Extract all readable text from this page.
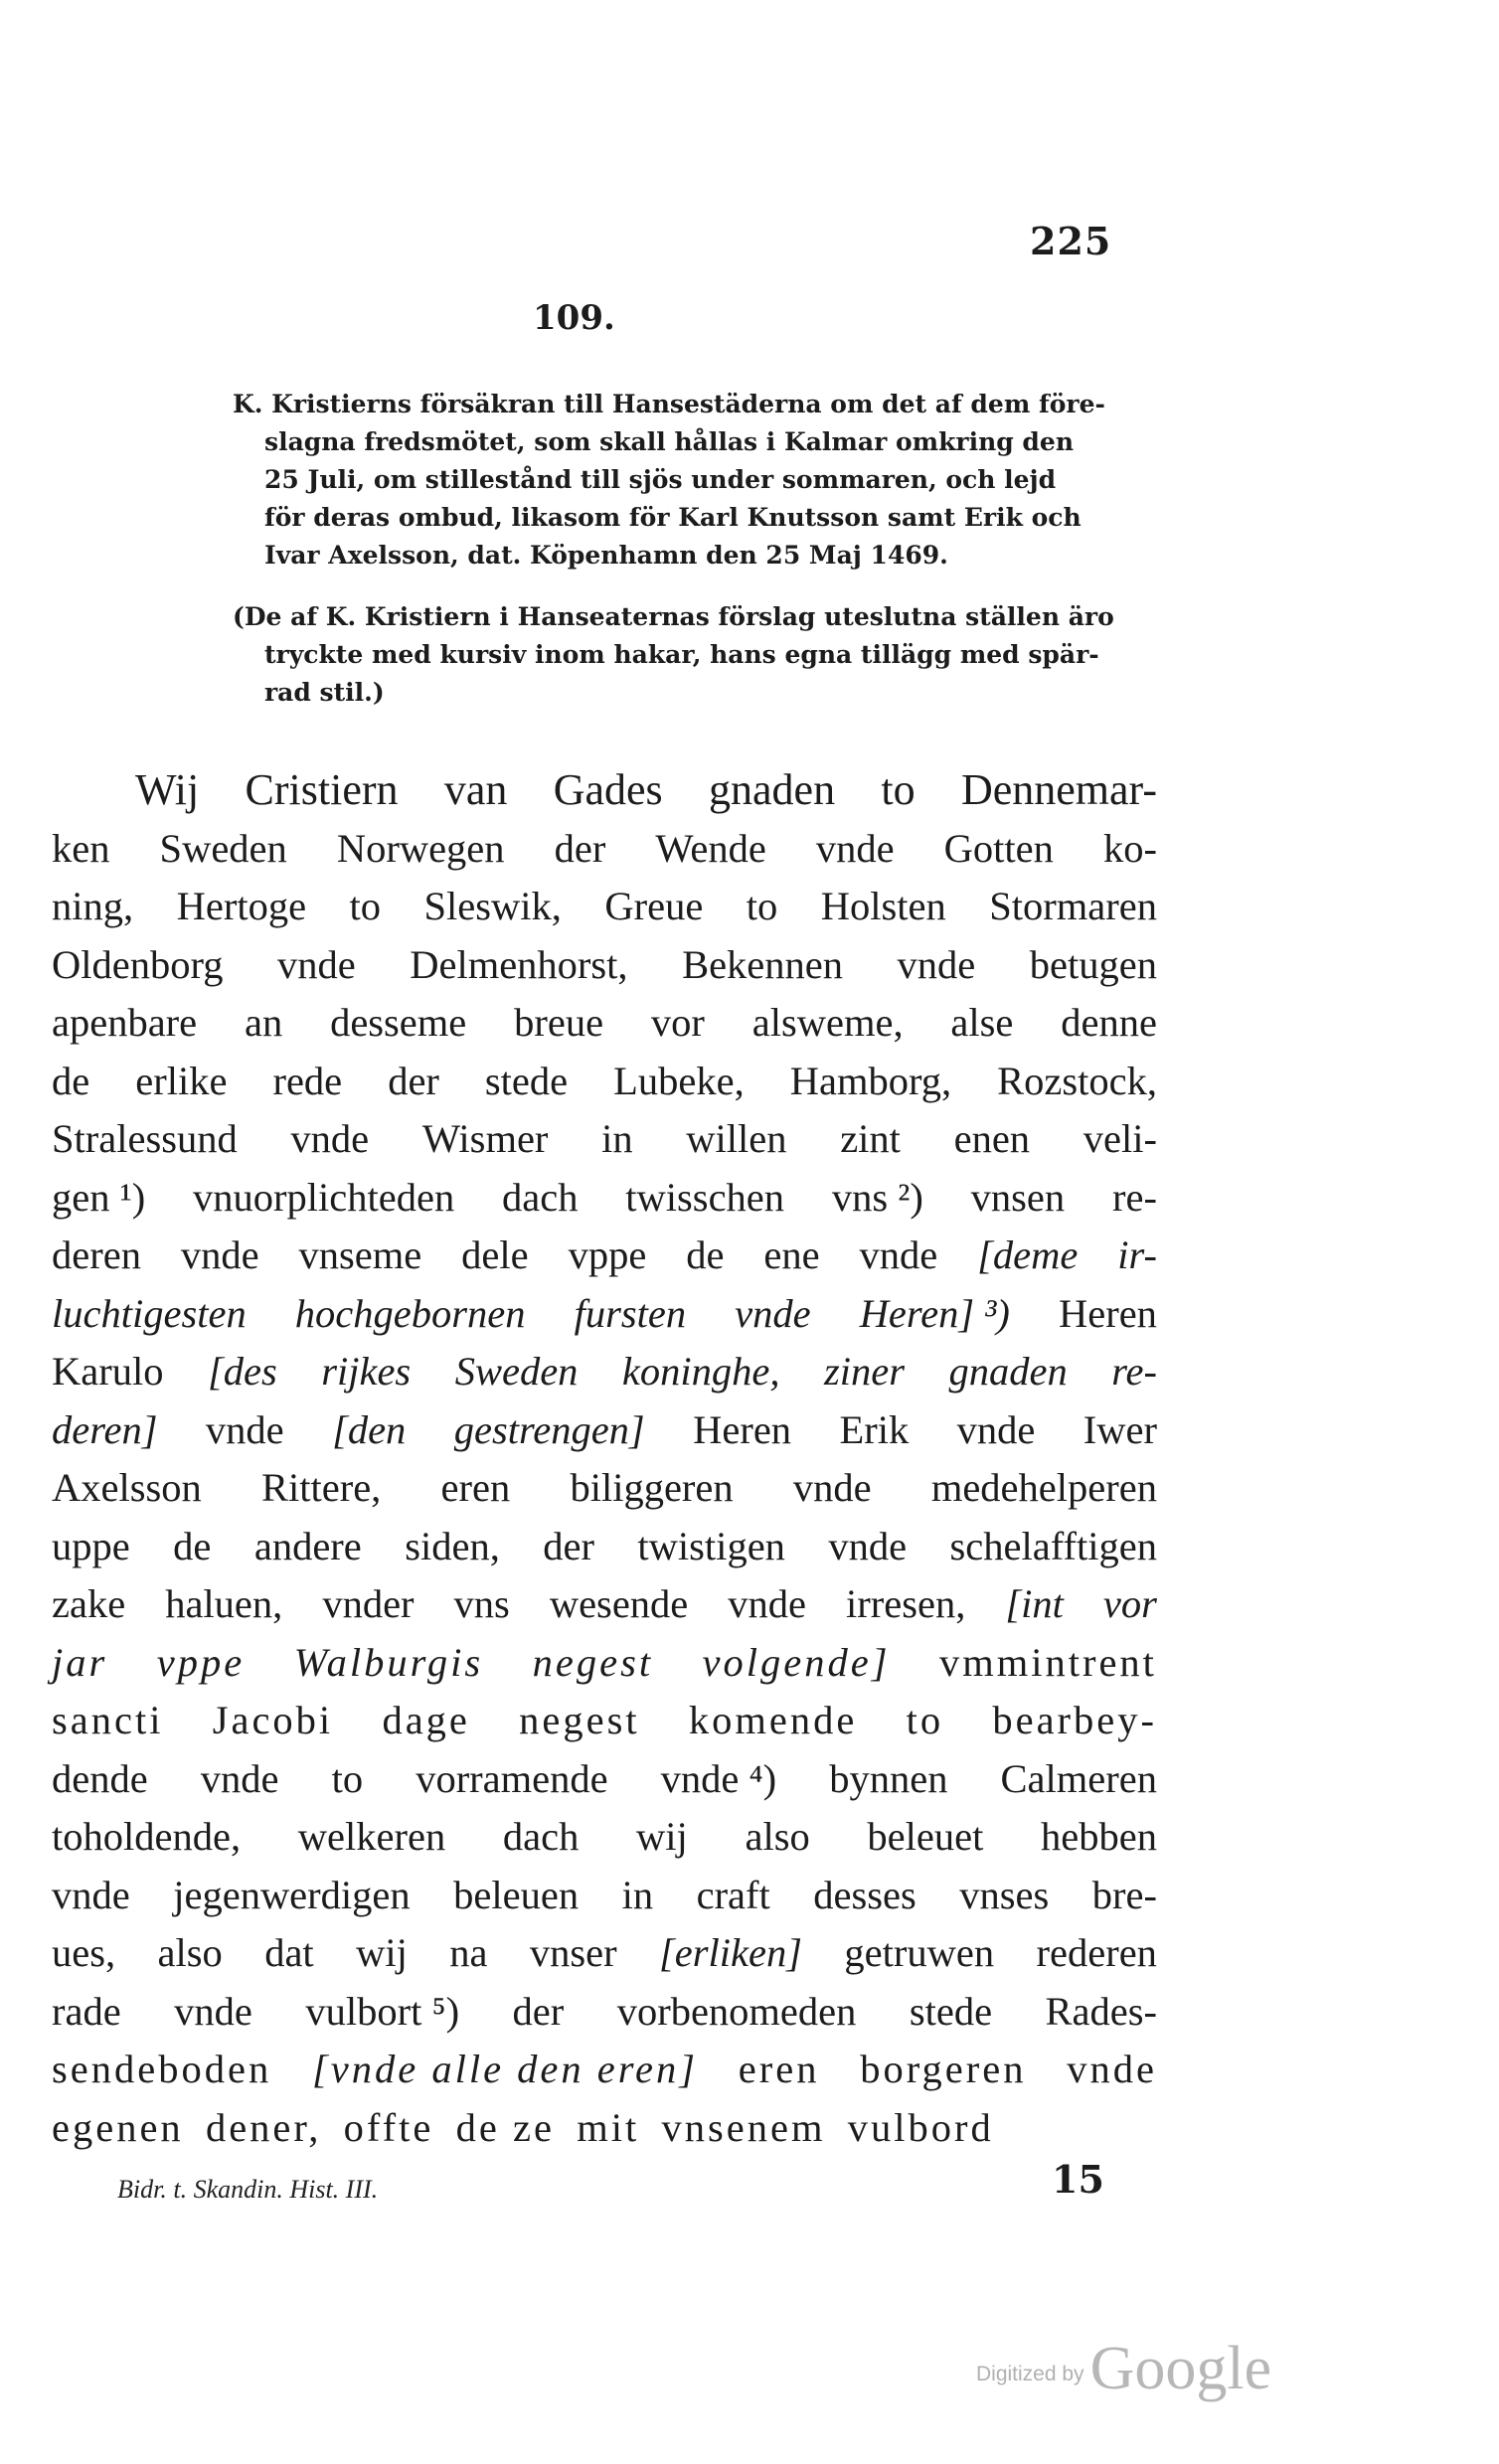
225
109.
K. Kristierns försäkran till Hansestäderna om det af dem före-
slagna fredsmötet, som skall hållas i Kalmar omkring den
25 Juli, om stillestånd till sjös under sommaren, och lejd
för deras ombud, likasom för Karl Knutsson samt Erik och
Ivar Axelsson, dat. Köpenhamn den 25 Maj 1469.
(De af K. Kristiern i Hanseaternas förslag uteslutna ställen äro
tryckte med kursiv inom hakar, hans egna tillägg med spär-
rad stil.)
Wij Cristiern van Gades gnaden to Dennemar-
ken Sweden Norwegen der Wende vnde Gotten ko-
ning, Hertoge to Sleswik, Greue to Holsten Stormaren
Oldenborg vnde Delmenhorst, Bekennen vnde betugen
apenbare an desseme breue vor alsweme, alse denne
de erlike rede der stede Lubeke, Hamborg, Rozstock,
Stralessund vnde Wismer in willen zint enen veli-
gen ¹) vnuorplichteden dach twisschen vns ²) vnsen re-
deren vnde vnseme dele vppe de ene vnde [deme ir-
luchtigesten hochgebornen fursten vnde Heren] ³) Heren
Karulo [des rijkes Sweden koninghe, ziner gnaden re-
deren] vnde [den gestrengen] Heren Erik vnde Iwer
Axelsson Rittere, eren biliggeren vnde medehelperen
uppe de andere siden, der twistigen vnde schelafftigen
zake haluen, vnder vns wesende vnde irresen, [int vor
jar vppe Walburgis negest volgende] vmmintrent
sancti Jacobi dage negest komende to bearbey-
dende vnde to vorramende vnde ⁴) bynnen Calmeren
toholdende, welkeren dach wij also beleuet hebben
vnde jegenwerdigen beleuen in craft desses vnses bre-
ues, also dat wij na vnser [erliken] getruwen rederen
rade vnde vulbort ⁵) der vorbenomeden stede Rades-
sendeboden [vnde alle den eren] eren borgeren vnde
egenen dener, offte de ze mit vnsenem vulbord
Bidr. t. Skandin. Hist. III.	15
Digitized byGoogle
